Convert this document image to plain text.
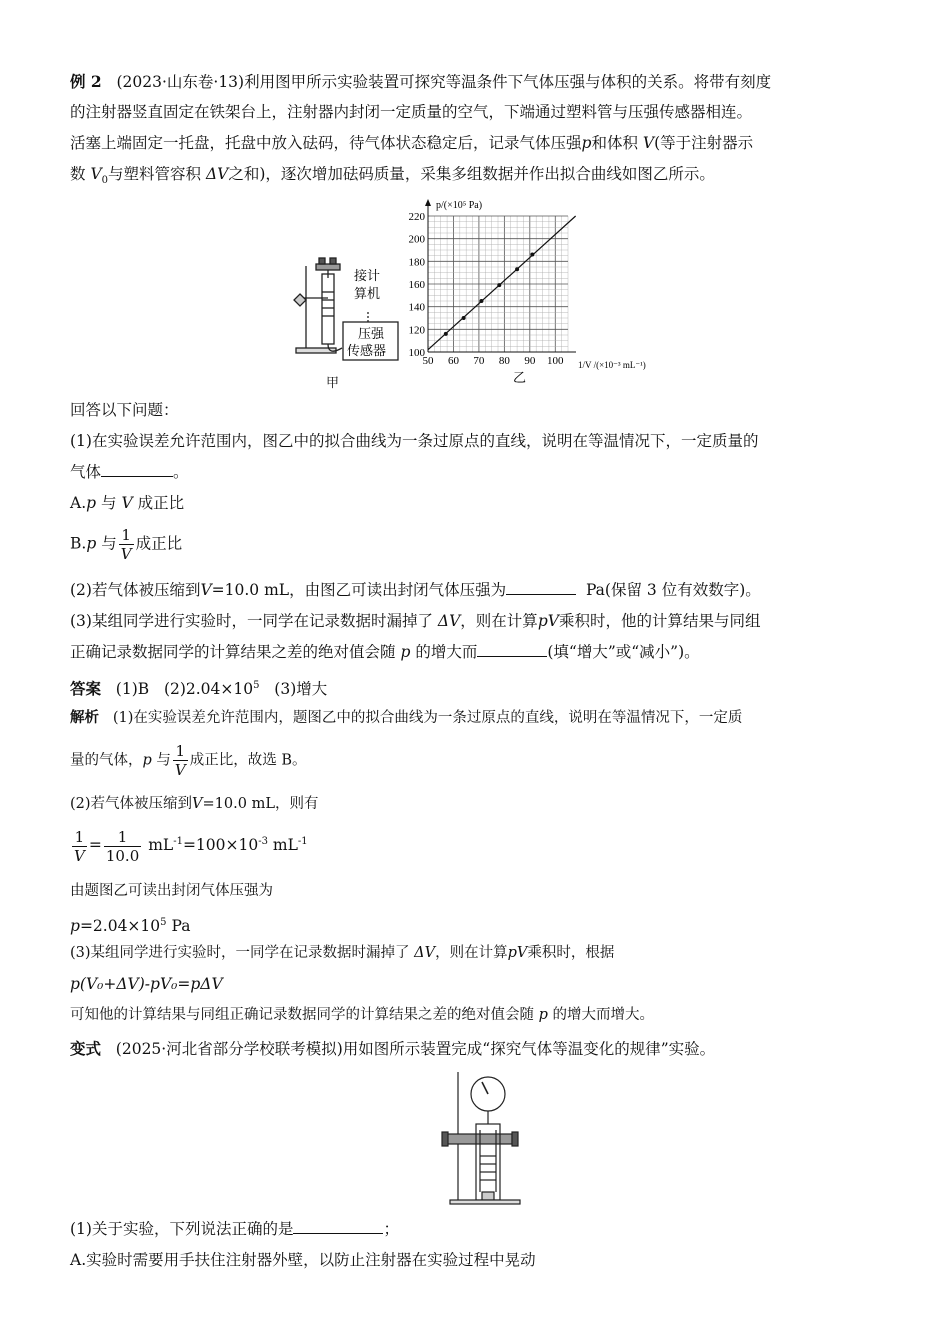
例 2 (2023·山东卷·13)利用图甲所示实验装置可探究等温条件下气体压强与体积的关系。将带有刻度

的注射器竖直固定在铁架台上，注射器内封闭一定质量的空气，下端通过塑料管与压强传感器相连。

活塞上端固定一托盘，托盘中放入砝码，待气体状态稳定后，记录气体压强p和体积 V(等于注射器示

数 $V_0$与塑料管容积 ΔV之和)，逐次增加砝码质量，采集多组数据并作出拟合曲线如图乙所示。

接计
算机
压强
传感器
甲
50 60 70 80 90 100
100
120
140
160
180
200
220
p/(×10⁵ Pa)
1/V /(×10⁻³ mL⁻¹)
乙

回答以下问题：

(1)在实验误差允许范围内，图乙中的拟合曲线为一条过原点的直线，说明在等温情况下，一定质量的

气体	。

A.p 与 V 成正比

B.p 与 $\frac{1}{V}$ 成正比

(2)若气体被压缩到V=10.0 mL，由图乙可读出封闭气体压强为	Pa(保留 3 位有效数字)。

(3)某组同学进行实验时，一同学在记录数据时漏掉了 ΔV，则在计算pV乘积时，他的计算结果与同组

正确记录数据同学的计算结果之差的绝对值会随 p 的增大而	(填“增大”或“减小”)。

答案 (1)B $(2)2.04\times 10^5$ (3)增大

解析 (1)在实验误差允许范围内，题图乙中的拟合曲线为一条过原点的直线，说明在等温情况下，一定质

量的气体，p 与 $\frac{1}{V}$ 成正比，故选 B。

(2)若气体被压缩到V=10.0 mL，则有

$\frac{1}{V} = \frac{1}{10.0} mL^{-1}=100\times 10^{-3}$ $mL^{-1}$

由题图乙可读出封闭气体压强为

$p=2.04\times 10^5$ Pa

(3)某组同学进行实验时，一同学在记录数据时漏掉了 ΔV，则在计算pV乘积时，根据

p(V₀+ΔV)-pV₀=pΔV

可知他的计算结果与同组正确记录数据同学的计算结果之差的绝对值会随 p 的增大而增大。

变式 (2025·河北省部分学校联考模拟)用如图所示装置完成“探究气体等温变化的规律”实验。

(1)关于实验，下列说法正确的是	；

A.实验时需要用手扶住注射器外壁，以防止注射器在实验过程中晃动
